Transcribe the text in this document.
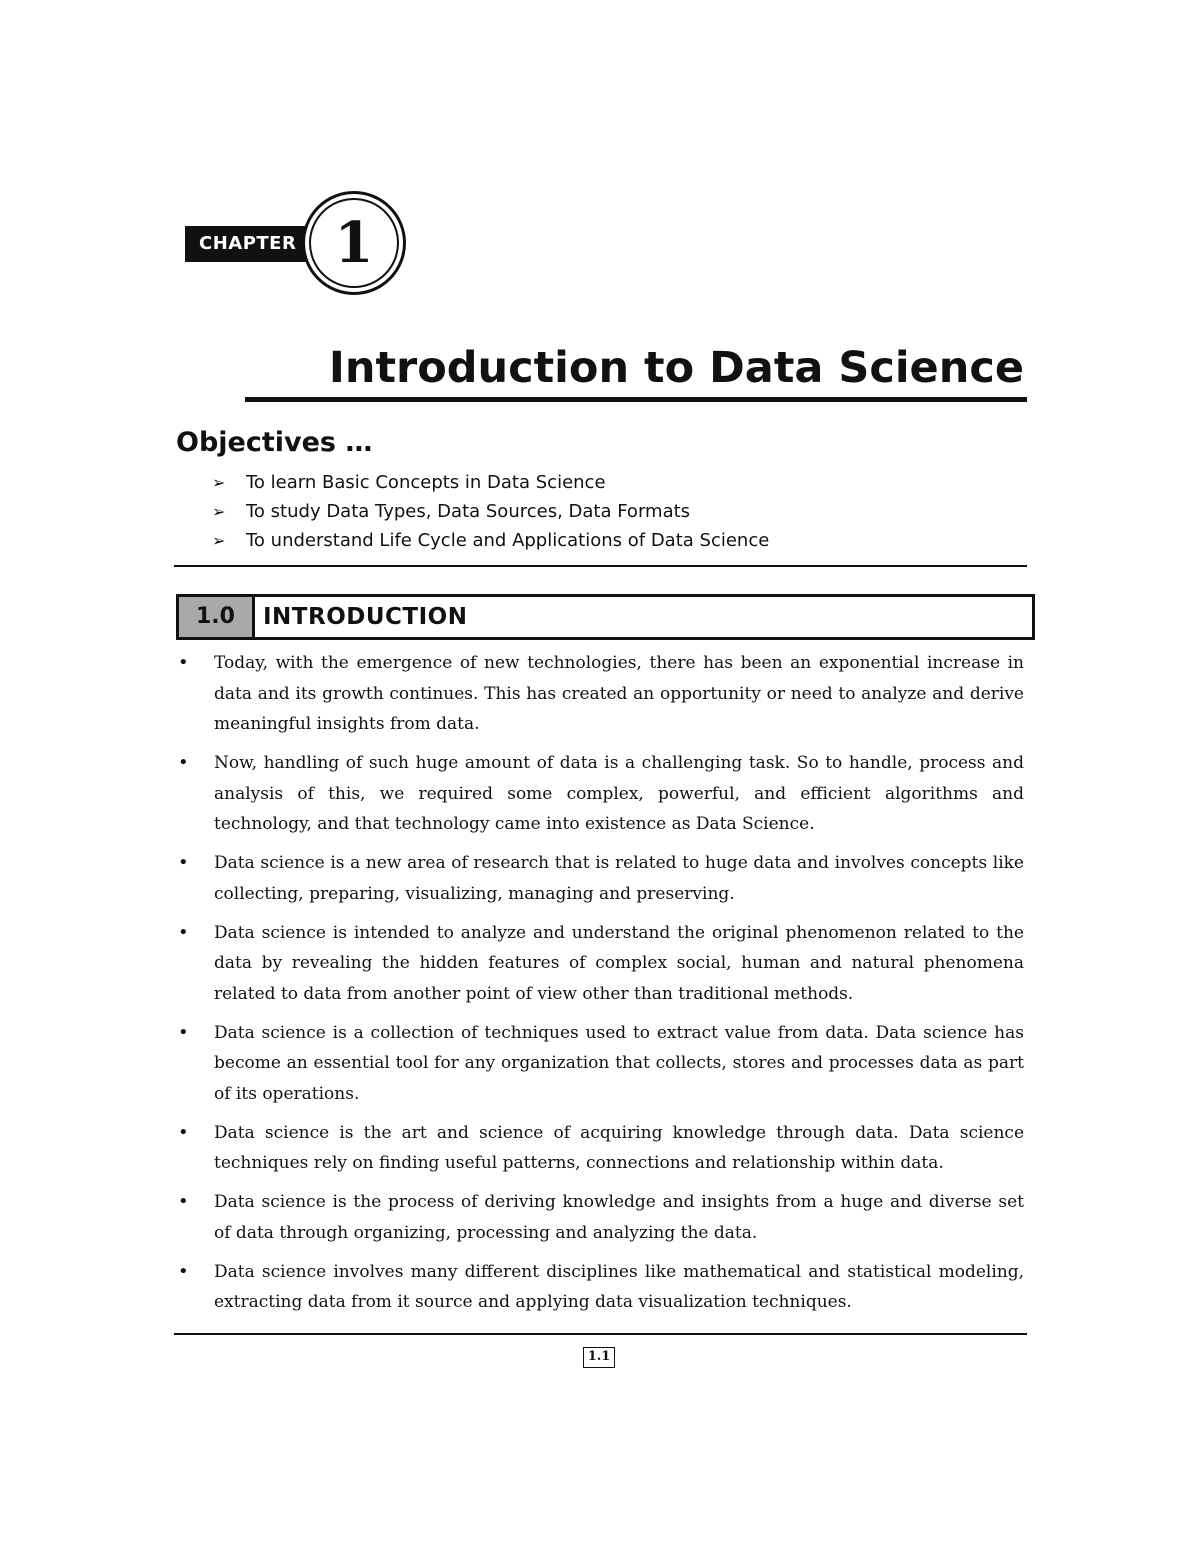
CHAPTER 1
Introduction to Data Science
Objectives …
➢	To learn Basic Concepts in Data Science
➢	To study Data Types, Data Sources, Data Formats
➢	To understand Life Cycle and Applications of Data Science
1.0	INTRODUCTION
•	Today, with the emergence of new technologies, there has been an exponential increase in data and its growth continues. This has created an opportunity or need to analyze and derive meaningful insights from data.
•	Now, handling of such huge amount of data is a challenging task. So to handle, process and analysis of this, we required some complex, powerful, and efficient algorithms and technology, and that technology came into existence as Data Science.
•	Data science is a new area of research that is related to huge data and involves concepts like collecting, preparing, visualizing, managing and preserving.
•	Data science is intended to analyze and understand the original phenomenon related to the data by revealing the hidden features of complex social, human and natural phenomena related to data from another point of view other than traditional methods.
•	Data science is a collection of techniques used to extract value from data. Data science has become an essential tool for any organization that collects, stores and processes data as part of its operations.
•	Data science is the art and science of acquiring knowledge through data. Data science techniques rely on finding useful patterns, connections and relationship within data.
•	Data science is the process of deriving knowledge and insights from a huge and diverse set of data through organizing, processing and analyzing the data.
•	Data science involves many different disciplines like mathematical and statistical modeling, extracting data from it source and applying data visualization techniques.
1.1
